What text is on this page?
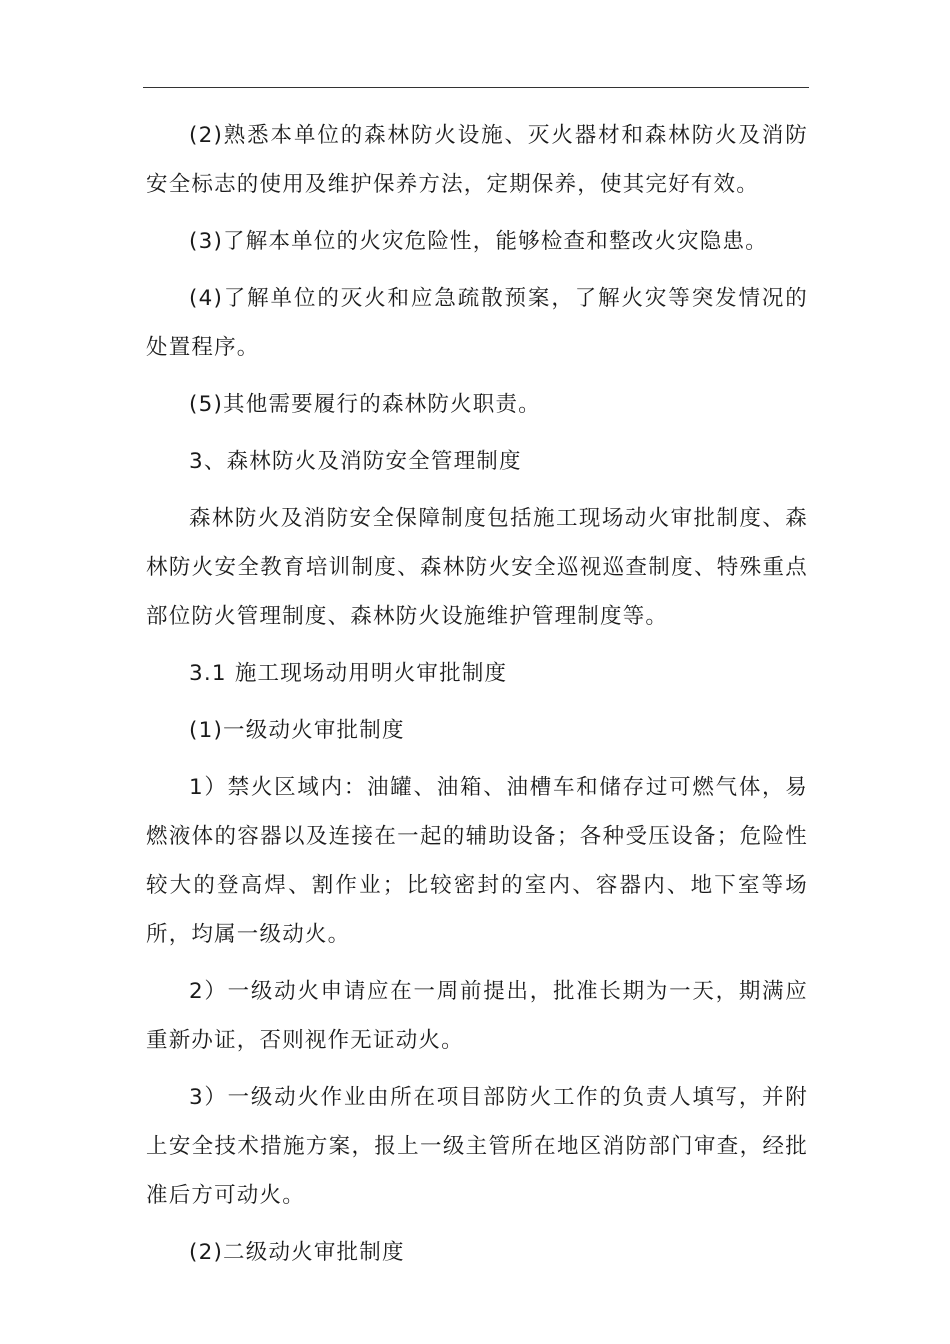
(2)熟悉本单位的森林防火设施、灭火器材和森林防火及消防安全标志的使用及维护保养方法，定期保养，使其完好有效。

(3)了解本单位的火灾危险性，能够检查和整改火灾隐患。

(4)了解单位的灭火和应急疏散预案，了解火灾等突发情况的处置程序。

(5)其他需要履行的森林防火职责。

3、森林防火及消防安全管理制度

森林防火及消防安全保障制度包括施工现场动火审批制度、森林防火安全教育培训制度、森林防火安全巡视巡查制度、特殊重点部位防火管理制度、森林防火设施维护管理制度等。

3.1 施工现场动用明火审批制度

(1)一级动火审批制度

1）禁火区域内：油罐、油箱、油槽车和储存过可燃气体，易燃液体的容器以及连接在一起的辅助设备；各种受压设备；危险性较大的登高焊、割作业；比较密封的室内、容器内、地下室等场所，均属一级动火。

2）一级动火申请应在一周前提出，批准长期为一天，期满应重新办证，否则视作无证动火。

3）一级动火作业由所在项目部防火工作的负责人填写，并附上安全技术措施方案，报上一级主管所在地区消防部门审查，经批准后方可动火。

(2)二级动火审批制度
